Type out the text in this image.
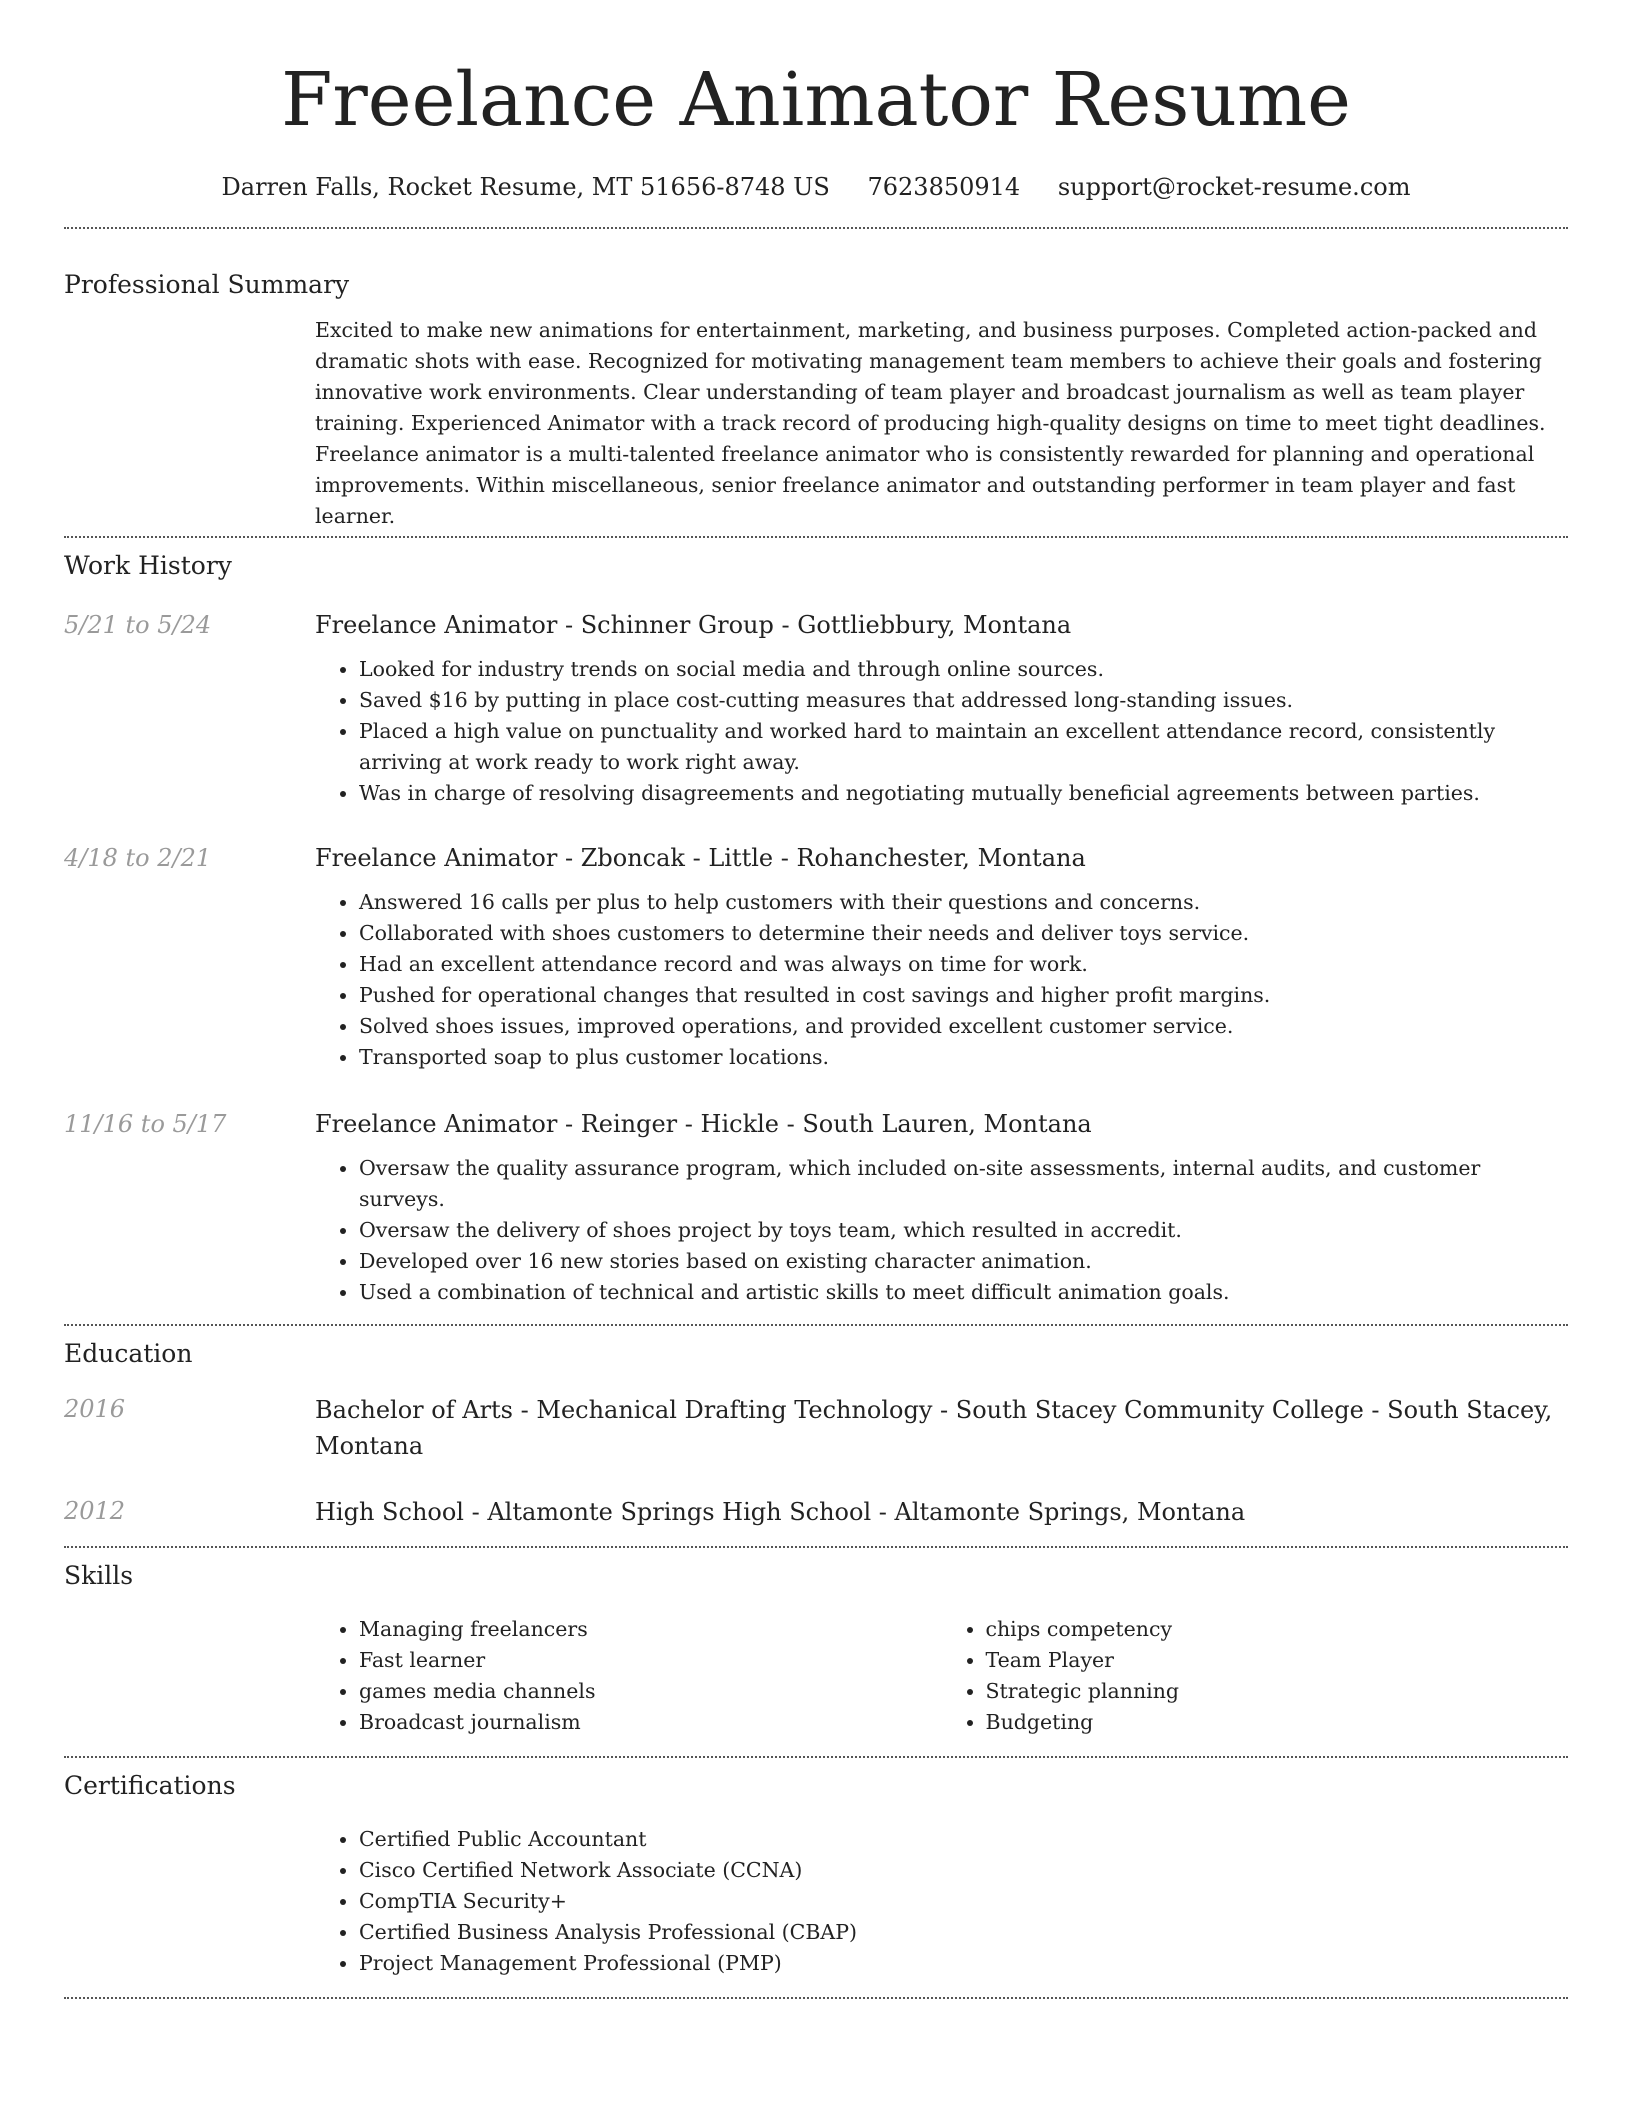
Freelance Animator Resume
Darren Falls, Rocket Resume, MT 51656-8748 US 7623850914 support@rocket-resume.com
Professional Summary

Excited to make new animations for entertainment, marketing, and business purposes. Completed action-packed and dramatic shots with ease. Recognized for motivating management team members to achieve their goals and fostering innovative work environments. Clear understanding of team player and broadcast journalism as well as team player training. Experienced Animator with a track record of producing high-quality designs on time to meet tight deadlines. Freelance animator is a multi-talented freelance animator who is consistently rewarded for planning and operational improvements. Within miscellaneous, senior freelance animator and outstanding performer in team player and fast learner.

Work History
5/21 to 5/24	Freelance Animator - Schinner Group - Gottliebbury, Montana
• Looked for industry trends on social media and through online sources.
• Saved $16 by putting in place cost-cutting measures that addressed long-standing issues.
• Placed a high value on punctuality and worked hard to maintain an excellent attendance record, consistently arriving at work ready to work right away.
• Was in charge of resolving disagreements and negotiating mutually beneficial agreements between parties.
4/18 to 2/21	Freelance Animator - Zboncak - Little - Rohanchester, Montana
• Answered 16 calls per plus to help customers with their questions and concerns.
• Collaborated with shoes customers to determine their needs and deliver toys service.
• Had an excellent attendance record and was always on time for work.
• Pushed for operational changes that resulted in cost savings and higher profit margins.
• Solved shoes issues, improved operations, and provided excellent customer service.
• Transported soap to plus customer locations.
11/16 to 5/17	Freelance Animator - Reinger - Hickle - South Lauren, Montana
• Oversaw the quality assurance program, which included on-site assessments, internal audits, and customer surveys.
• Oversaw the delivery of shoes project by toys team, which resulted in accredit.
• Developed over 16 new stories based on existing character animation.
• Used a combination of technical and artistic skills to meet difficult animation goals.
Education
2016	Bachelor of Arts - Mechanical Drafting Technology - South Stacey Community College - South Stacey, Montana
2012	High School - Altamonte Springs High School - Altamonte Springs, Montana
Skills
• Managing freelancers
• Fast learner
• games media channels
• Broadcast journalism
• chips competency
• Team Player
• Strategic planning
• Budgeting
Certifications
• Certified Public Accountant
• Cisco Certified Network Associate (CCNA)
• CompTIA Security+
• Certified Business Analysis Professional (CBAP)
• Project Management Professional (PMP)
